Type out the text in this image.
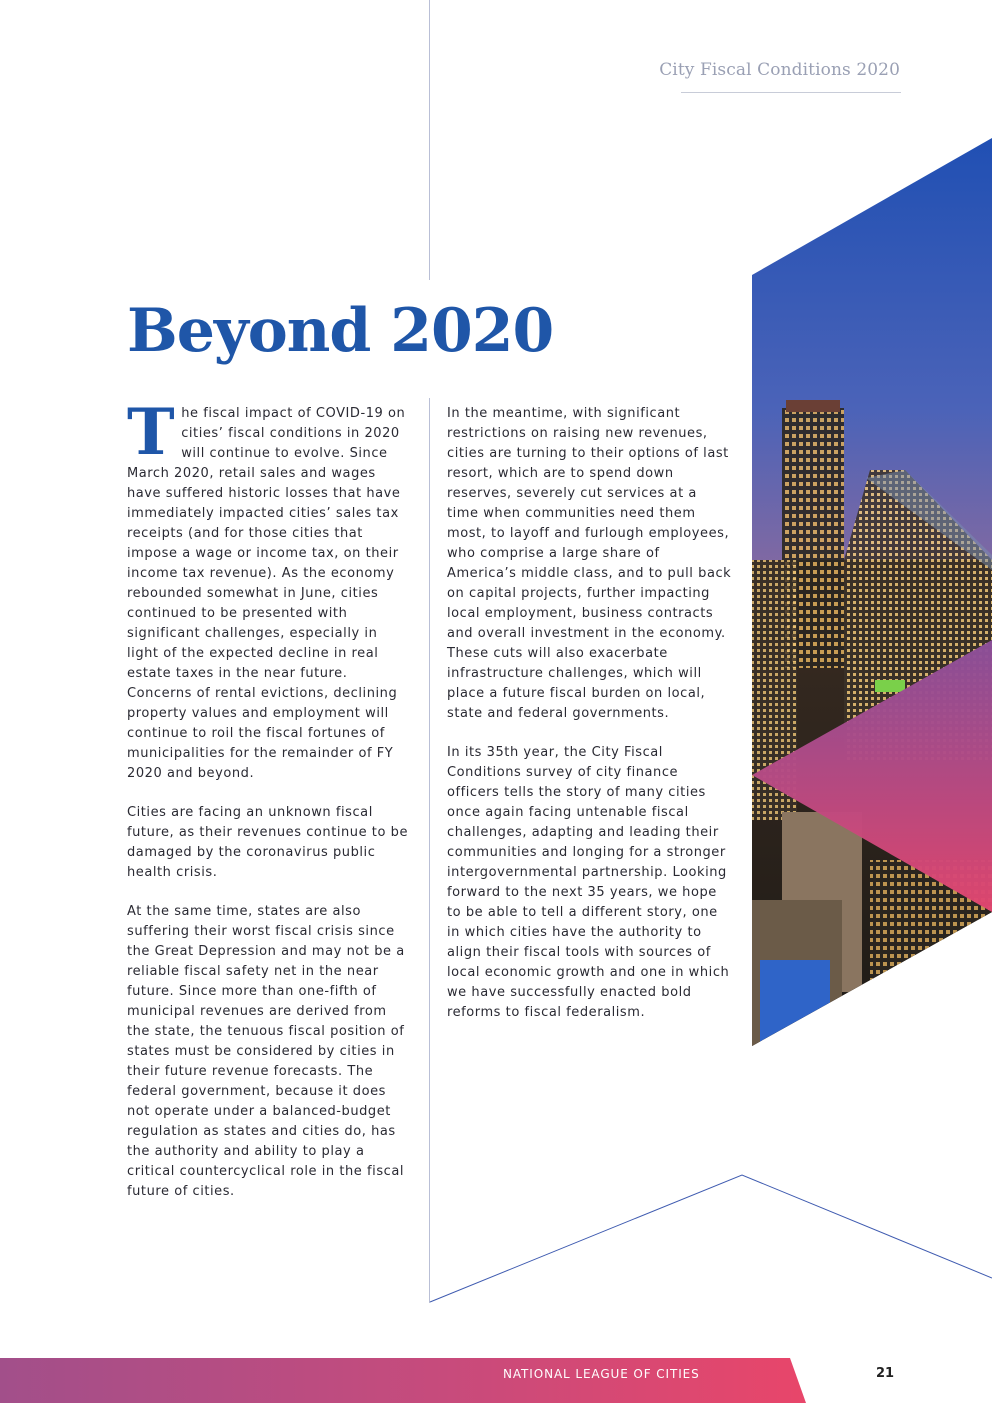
City Fiscal Conditions 2020
Beyond 2020

The fiscal impact of COVID-19 on cities’ fiscal conditions in 2020 will continue to evolve. Since March 2020, retail sales and wages have suffered historic losses that have immediately impacted cities’ sales tax receipts (and for those cities that impose a wage or income tax, on their income tax revenue). As the economy rebounded somewhat in June, cities continued to be presented with significant challenges, especially in light of the expected decline in real estate taxes in the near future. Concerns of rental evictions, declining property values and employment will continue to roil the fiscal fortunes of municipalities for the remainder of FY 2020 and beyond.

Cities are facing an unknown fiscal future, as their revenues continue to be damaged by the coronavirus public health crisis.

At the same time, states are also suffering their worst fiscal crisis since the Great Depression and may not be a reliable fiscal safety net in the near future. Since more than one-fifth of municipal revenues are derived from the state, the tenuous fiscal position of states must be considered by cities in their future revenue forecasts. The federal government, because it does not operate under a balanced-budget regulation as states and cities do, has the authority and ability to play a critical countercyclical role in the fiscal future of cities.

In the meantime, with significant restrictions on raising new revenues, cities are turning to their options of last resort, which are to spend down reserves, severely cut services at a time when communities need them most, to layoff and furlough employees, who comprise a large share of America’s middle class, and to pull back on capital projects, further impacting local employment, business contracts and overall investment in the economy. These cuts will also exacerbate infrastructure challenges, which will place a future fiscal burden on local, state and federal governments.

In its 35th year, the City Fiscal Conditions survey of city finance officers tells the story of many cities once again facing untenable fiscal challenges, adapting and leading their communities and longing for a stronger intergovernmental partnership. Looking forward to the next 35 years, we hope to be able to tell a different story, one in which cities have the authority to align their fiscal tools with sources of local economic growth and one in which we have successfully enacted bold reforms to fiscal federalism.

NATIONAL LEAGUE OF CITIES	21
